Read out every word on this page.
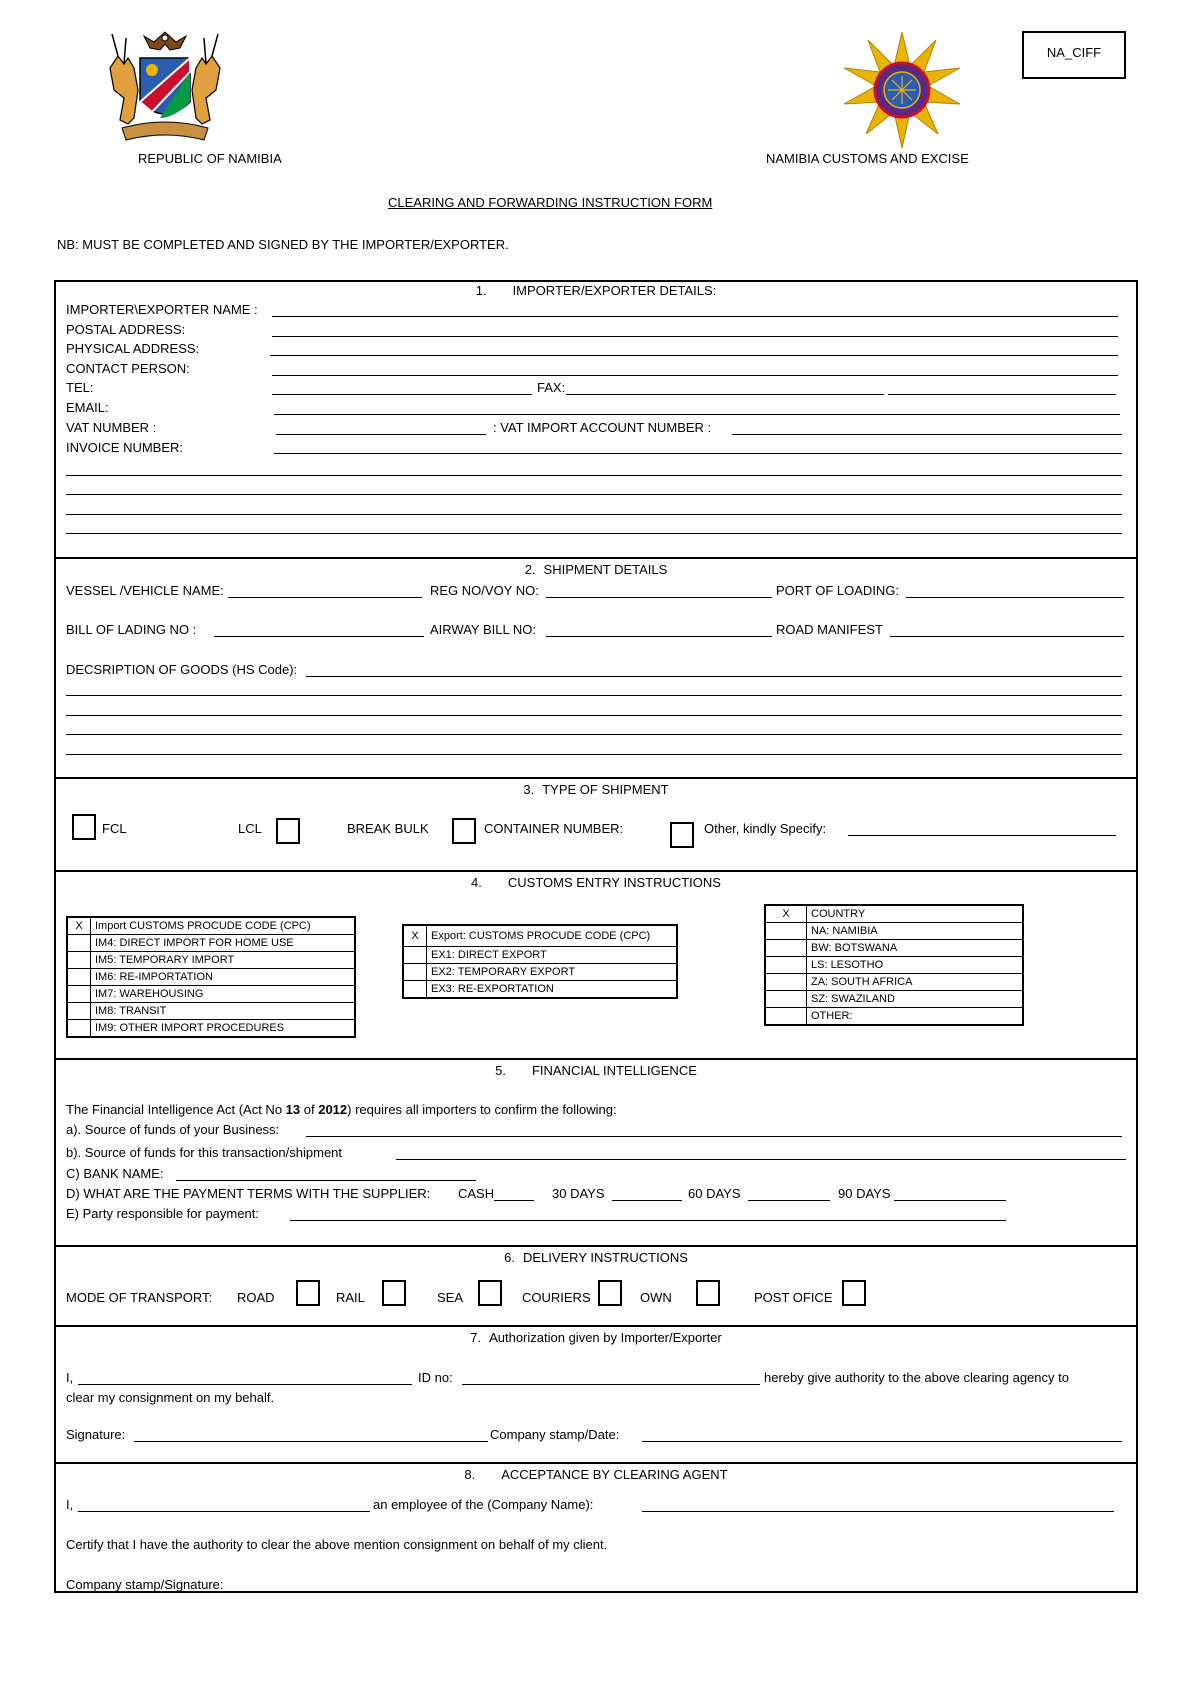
REPUBLIC OF NAMIBIA	NAMIBIA CUSTOMS AND EXCISE
NA_CIFF
CLEARING AND FORWARDING INSTRUCTION FORM
NB: MUST BE COMPLETED AND SIGNED BY THE IMPORTER/EXPORTER.
1. IMPORTER/EXPORTER DETAILS:
IMPORTER\EXPORTER NAME :
POSTAL ADDRESS:
PHYSICAL ADDRESS:
CONTACT PERSON:
TEL:	FAX:
EMAIL:
VAT NUMBER :	: VAT IMPORT ACCOUNT NUMBER :
INVOICE NUMBER:
2. SHIPMENT DETAILS
VESSEL /VEHICLE NAME:	REG NO/VOY NO:	PORT OF LOADING:
BILL OF LADING NO :	AIRWAY BILL NO:	ROAD MANIFEST
DECSRIPTION OF GOODS (HS Code):
3. TYPE OF SHIPMENT
FCL	LCL	BREAK BULK	CONTAINER NUMBER:	Other, kindly Specify:
4. CUSTOMS ENTRY INSTRUCTIONS
X	Import CUSTOMS PROCUDE CODE (CPC)
	IM4: DIRECT IMPORT FOR HOME USE
	IM5: TEMPORARY IMPORT
	IM6: RE-IMPORTATION
	IM7: WAREHOUSING
	IM8: TRANSIT
	IM9: OTHER IMPORT PROCEDURES
X	Export: CUSTOMS PROCUDE CODE (CPC)
	EX1: DIRECT EXPORT
	EX2: TEMPORARY EXPORT
	EX3: RE-EXPORTATION
X	COUNTRY
	NA: NAMIBIA
	BW: BOTSWANA
	LS: LESOTHO
	ZA: SOUTH AFRICA
	SZ: SWAZILAND
	OTHER:
5. FINANCIAL INTELLIGENCE
The Financial Intelligence Act (Act No 13 of 2012) requires all importers to confirm the following:
a). Source of funds of your Business:
b). Source of funds for this transaction/shipment
C) BANK NAME:
D) WHAT ARE THE PAYMENT TERMS WITH THE SUPPLIER: CASH	30 DAYS	60 DAYS	90 DAYS
E) Party responsible for payment:
6. DELIVERY INSTRUCTIONS
MODE OF TRANSPORT: ROAD	RAIL	SEA	COURIERS	OWN	POST OFICE
7. Authorization given by Importer/Exporter
I,	ID no:	hereby give authority to the above clearing agency to
clear my consignment on my behalf.
Signature:	Company stamp/Date:
8. ACCEPTANCE BY CLEARING AGENT
I,	an employee of the (Company Name):
Certify that I have the authority to clear the above mention consignment on behalf of my client.
Company stamp/Signature:
